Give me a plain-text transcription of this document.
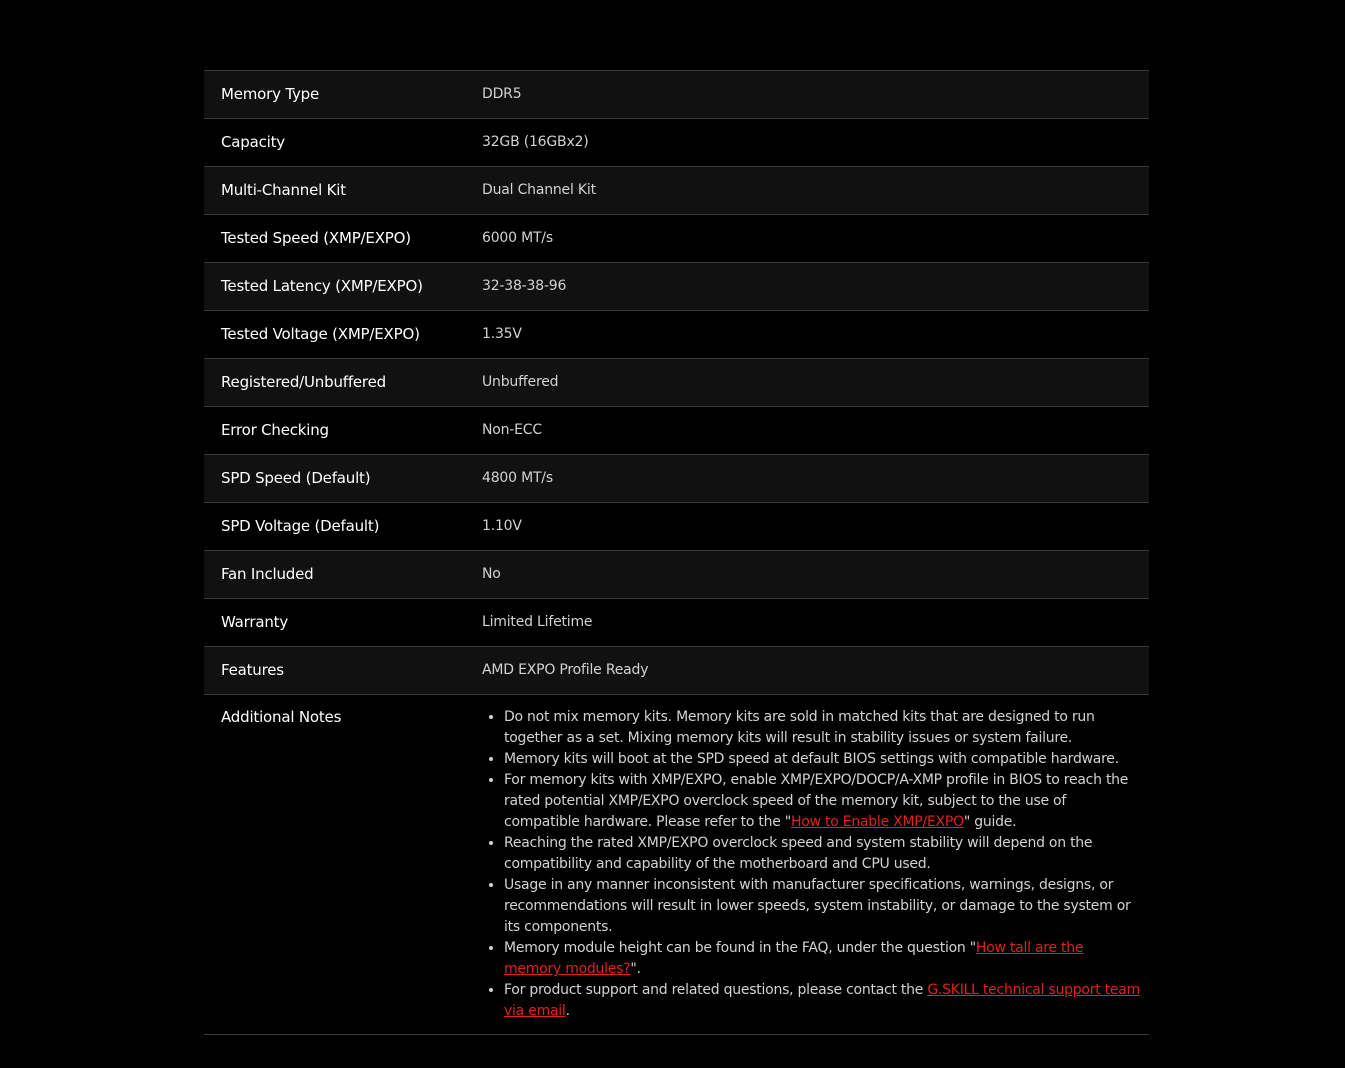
Memory Type	DDR5
Capacity	32GB (16GBx2)
Multi-Channel Kit	Dual Channel Kit
Tested Speed (XMP/EXPO)	6000 MT/s
Tested Latency (XMP/EXPO)	32-38-38-96
Tested Voltage (XMP/EXPO)	1.35V
Registered/Unbuffered	Unbuffered
Error Checking	Non-ECC
SPD Speed (Default)	4800 MT/s
SPD Voltage (Default)	1.10V
Fan Included	No
Warranty	Limited Lifetime
Features	AMD EXPO Profile Ready
Additional Notes
•	Do not mix memory kits. Memory kits are sold in matched kits that are designed to run together as a set. Mixing memory kits will result in stability issues or system failure.
• Memory kits will boot at the SPD speed at default BIOS settings with compatible hardware.
• For memory kits with XMP/EXPO, enable XMP/EXPO/DOCP/A-XMP profile in BIOS to reach the rated potential XMP/EXPO overclock speed of the memory kit, subject to the use of compatible hardware. Please refer to the "How to Enable XMP/EXPO" guide.
• Reaching the rated XMP/EXPO overclock speed and system stability will depend on the compatibility and capability of the motherboard and CPU used.
• Usage in any manner inconsistent with manufacturer specifications, warnings, designs, or recommendations will result in lower speeds, system instability, or damage to the system or its components.
• Memory module height can be found in the FAQ, under the question "How tall are the memory modules?".
• For product support and related questions, please contact the G.SKILL technical support team via email.
